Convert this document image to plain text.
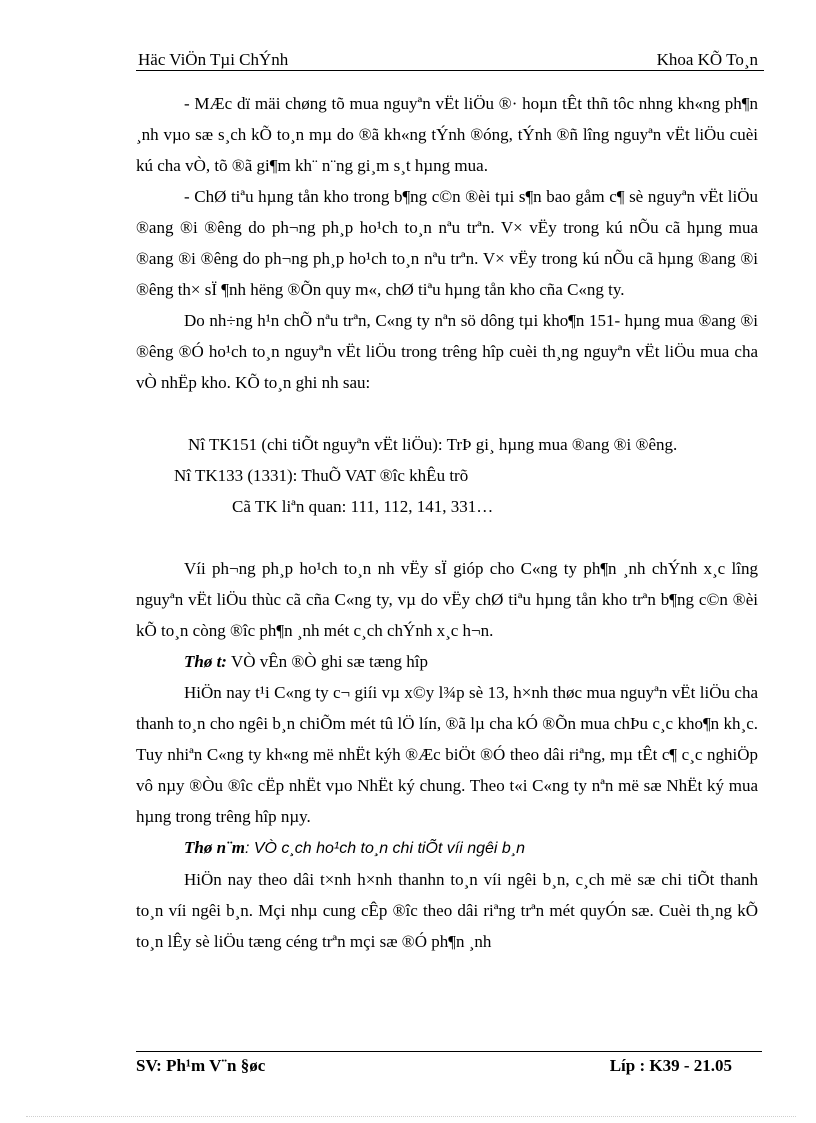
Häc ViÖn Tµi ChÝnh	Khoa KÕ To¸n

- MÆc dï mäi chøng tõ mua nguyªn vËt liÖu ®· hoµn tÊt thñ tôc nhng kh«ng ph¶n ¸nh vµo sæ s¸ch kÕ to¸n mµ do ®ã kh«ng tÝnh ®óng, tÝnh ®ñ lîng nguyªn vËt liÖu cuèi kú cha vÒ, tõ ®ã gi¶m kh¨ n¨ng gi¸m s¸t hµng mua.

- ChØ tiªu hµng tån kho trong b¶ng c©n ®èi tµi s¶n bao gåm c¶ sè nguyªn vËt liÖu ®ang ®i ®êng do ph¬ng ph¸p ho¹ch to¸n nªu trªn. V× vËy trong kú nÕu cã hµng mua ®ang ®i ®êng do ph¬ng ph¸p ho¹ch to¸n nªu trªn. V× vËy trong kú nÕu cã hµng ®ang ®i ®êng th× sÏ ¶nh hëng ®Õn quy m«, chØ tiªu hµng tån kho cña C«ng ty.

Do nh÷ng h¹n chÕ nªu trªn, C«ng ty nªn sö dông tµi kho¶n 151- hµng mua ®ang ®i ®êng ®Ó ho¹ch to¸n nguyªn vËt liÖu trong trêng hîp cuèi th¸ng nguyªn vËt liÖu mua cha vÒ nhËp kho. KÕ to¸n ghi nh sau:

Nî TK151 (chi tiÕt nguyªn vËt liÖu): TrÞ gi¸ hµng mua ®ang ®i ®êng.

Nî TK133 (1331): ThuÕ VAT ®îc khÊu trõ

Cã TK liªn quan: 111, 112, 141, 331…

Víi ph¬ng ph¸p ho¹ch to¸n nh vËy sÏ gióp cho C«ng ty ph¶n ¸nh chÝnh x¸c lîng nguyªn vËt liÖu thùc cã cña C«ng ty, vµ do vËy chØ tiªu hµng tån kho trªn b¶ng c©n ®èi kÕ to¸n còng ®îc ph¶n ¸nh mét c¸ch chÝnh x¸c h¬n.

Thø t: VÒ vÊn ®Ò ghi sæ tæng hîp

HiÖn nay t¹i C«ng ty c¬ giíi vµ x©y l¾p sè 13, h×nh thøc mua nguyªn vËt liÖu cha thanh to¸n cho ngêi b¸n chiÕm mét tû lÖ lín, ®ã lµ cha kÓ ®Õn mua chÞu c¸c kho¶n kh¸c. Tuy nhiªn C«ng ty kh«ng më nhËt kýh ®Æc biÖt ®Ó theo dâi riªng, mµ tÊt c¶ c¸c nghiÖp vô nµy ®Òu ®îc cËp nhËt vµo NhËt ký chung. Theo t«i C«ng ty nªn më sæ NhËt ký mua hµng trong trêng hîp nµy.

Thø n¨m: VÒ c¸ch ho¹ch to¸n chi tiÕt víi ngêi b¸n

HiÖn nay theo dâi t×nh h×nh thanhn to¸n víi ngêi b¸n, c¸ch më sæ chi tiÕt thanh to¸n víi ngêi b¸n. Mçi nhµ cung cÊp ®îc theo dâi riªng trªn mét quyÓn sæ. Cuèi th¸ng kÕ to¸n lÊy sè liÖu tæng céng trªn mçi sæ ®Ó ph¶n ¸nh

SV: Ph¹m V¨n §øc	Líp : K39 - 21.05
